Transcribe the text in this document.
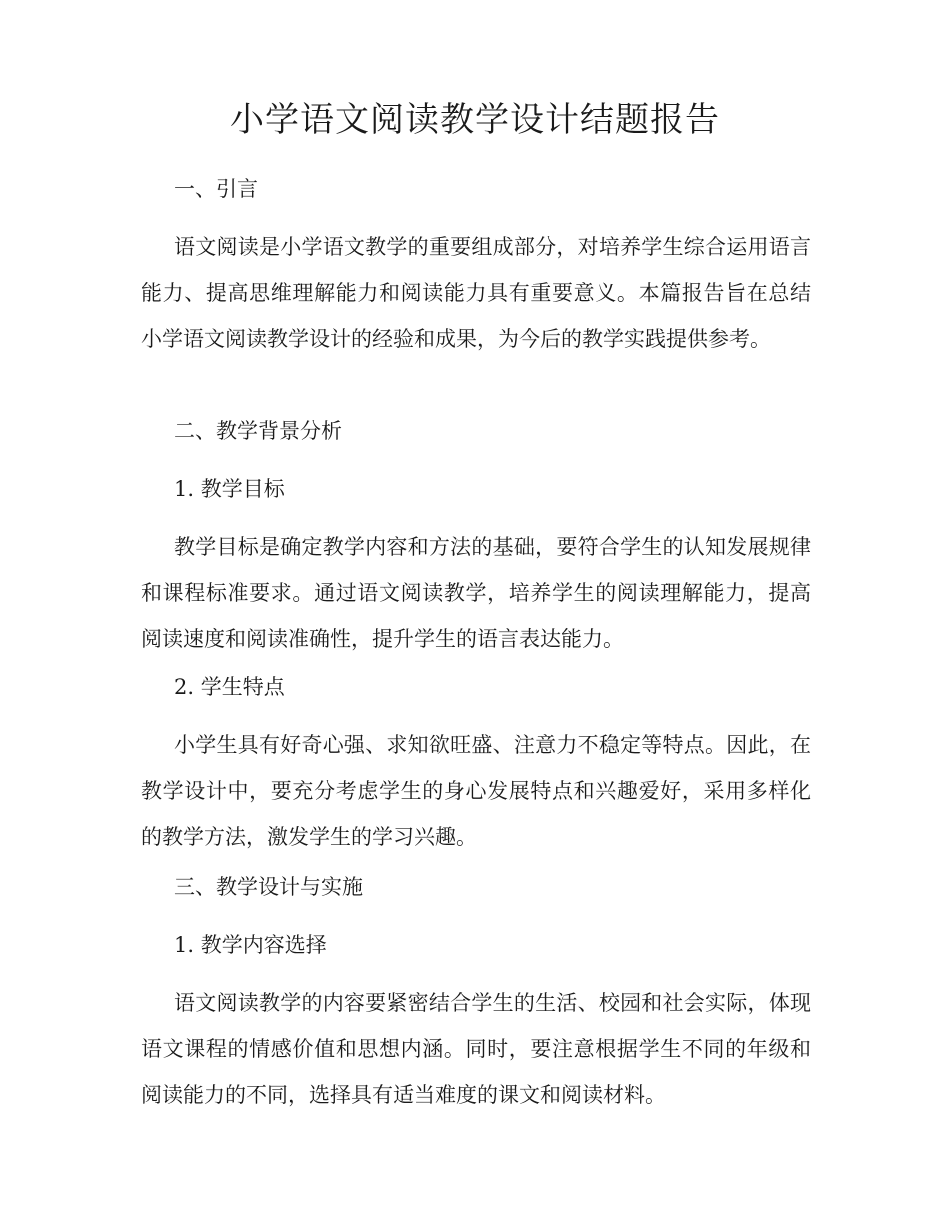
小学语文阅读教学设计结题报告

一、引言

语文阅读是小学语文教学的重要组成部分，对培养学生综合运用语言能力、提高思维理解能力和阅读能力具有重要意义。本篇报告旨在总结小学语文阅读教学设计的经验和成果，为今后的教学实践提供参考。

二、教学背景分析

1. 教学目标

教学目标是确定教学内容和方法的基础，要符合学生的认知发展规律和课程标准要求。通过语文阅读教学，培养学生的阅读理解能力，提高阅读速度和阅读准确性，提升学生的语言表达能力。

2. 学生特点

小学生具有好奇心强、求知欲旺盛、注意力不稳定等特点。因此，在教学设计中，要充分考虑学生的身心发展特点和兴趣爱好，采用多样化的教学方法，激发学生的学习兴趣。

三、教学设计与实施

1. 教学内容选择

语文阅读教学的内容要紧密结合学生的生活、校园和社会实际，体现语文课程的情感价值和思想内涵。同时，要注意根据学生不同的年级和阅读能力的不同，选择具有适当难度的课文和阅读材料。
